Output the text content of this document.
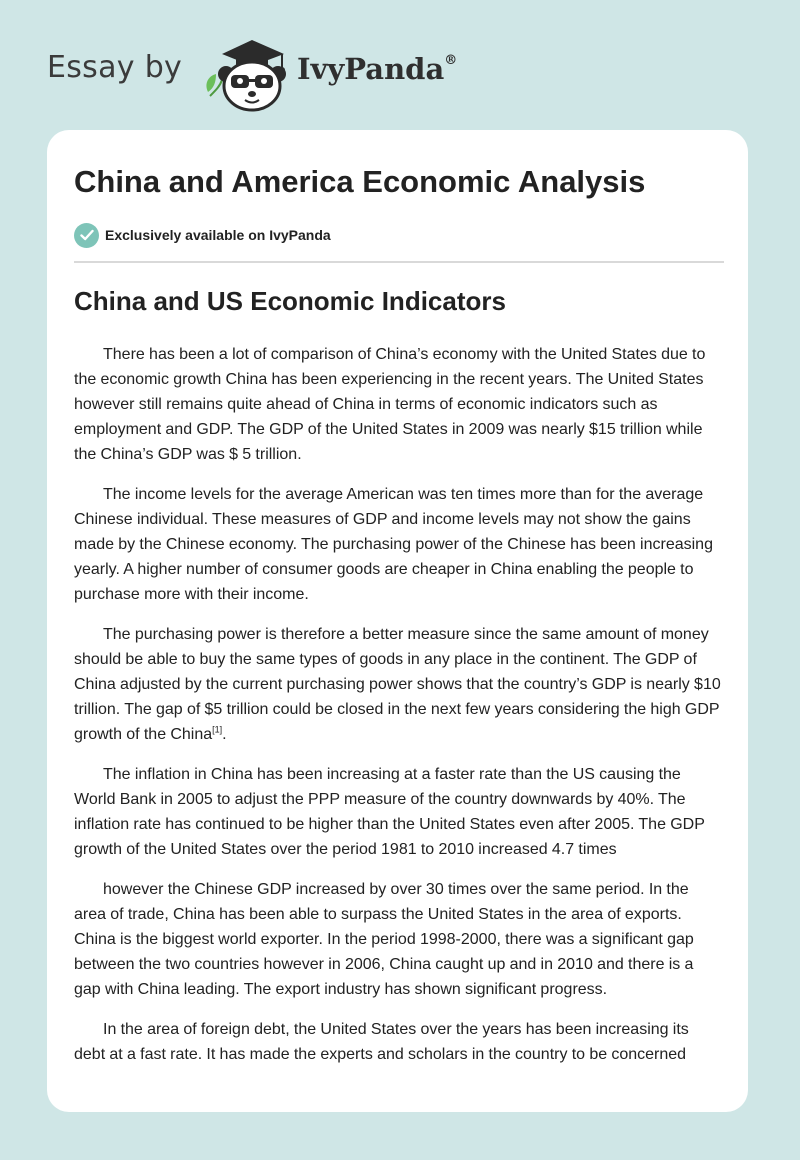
Essay by	IvyPanda®
China and America Economic Analysis
Exclusively available on IvyPanda
China and US Economic Indicators

There has been a lot of comparison of China’s economy with the United States due to the economic growth China has been experiencing in the recent years. The United States however still remains quite ahead of China in terms of economic indicators such as employment and GDP. The GDP of the United States in 2009 was nearly $15 trillion while the China’s GDP was $ 5 trillion.

The income levels for the average American was ten times more than for the average Chinese individual. These measures of GDP and income levels may not show the gains made by the Chinese economy. The purchasing power of the Chinese has been increasing yearly. A higher number of consumer goods are cheaper in China enabling the people to purchase more with their income.

The purchasing power is therefore a better measure since the same amount of money should be able to buy the same types of goods in any place in the continent. The GDP of China adjusted by the current purchasing power shows that the country’s GDP is nearly $10 trillion. The gap of $5 trillion could be closed in the next few years considering the high GDP growth of the China[1].

The inflation in China has been increasing at a faster rate than the US causing the World Bank in 2005 to adjust the PPP measure of the country downwards by 40%. The inflation rate has continued to be higher than the United States even after 2005. The GDP growth of the United States over the period 1981 to 2010 increased 4.7 times

however the Chinese GDP increased by over 30 times over the same period. In the area of trade, China has been able to surpass the United States in the area of exports. China is the biggest world exporter. In the period 1998-2000, there was a significant gap between the two countries however in 2006, China caught up and in 2010 and there is a gap with China leading. The export industry has shown significant progress.

In the area of foreign debt, the United States over the years has been increasing its debt at a fast rate. It has made the experts and scholars in the country to be concerned
